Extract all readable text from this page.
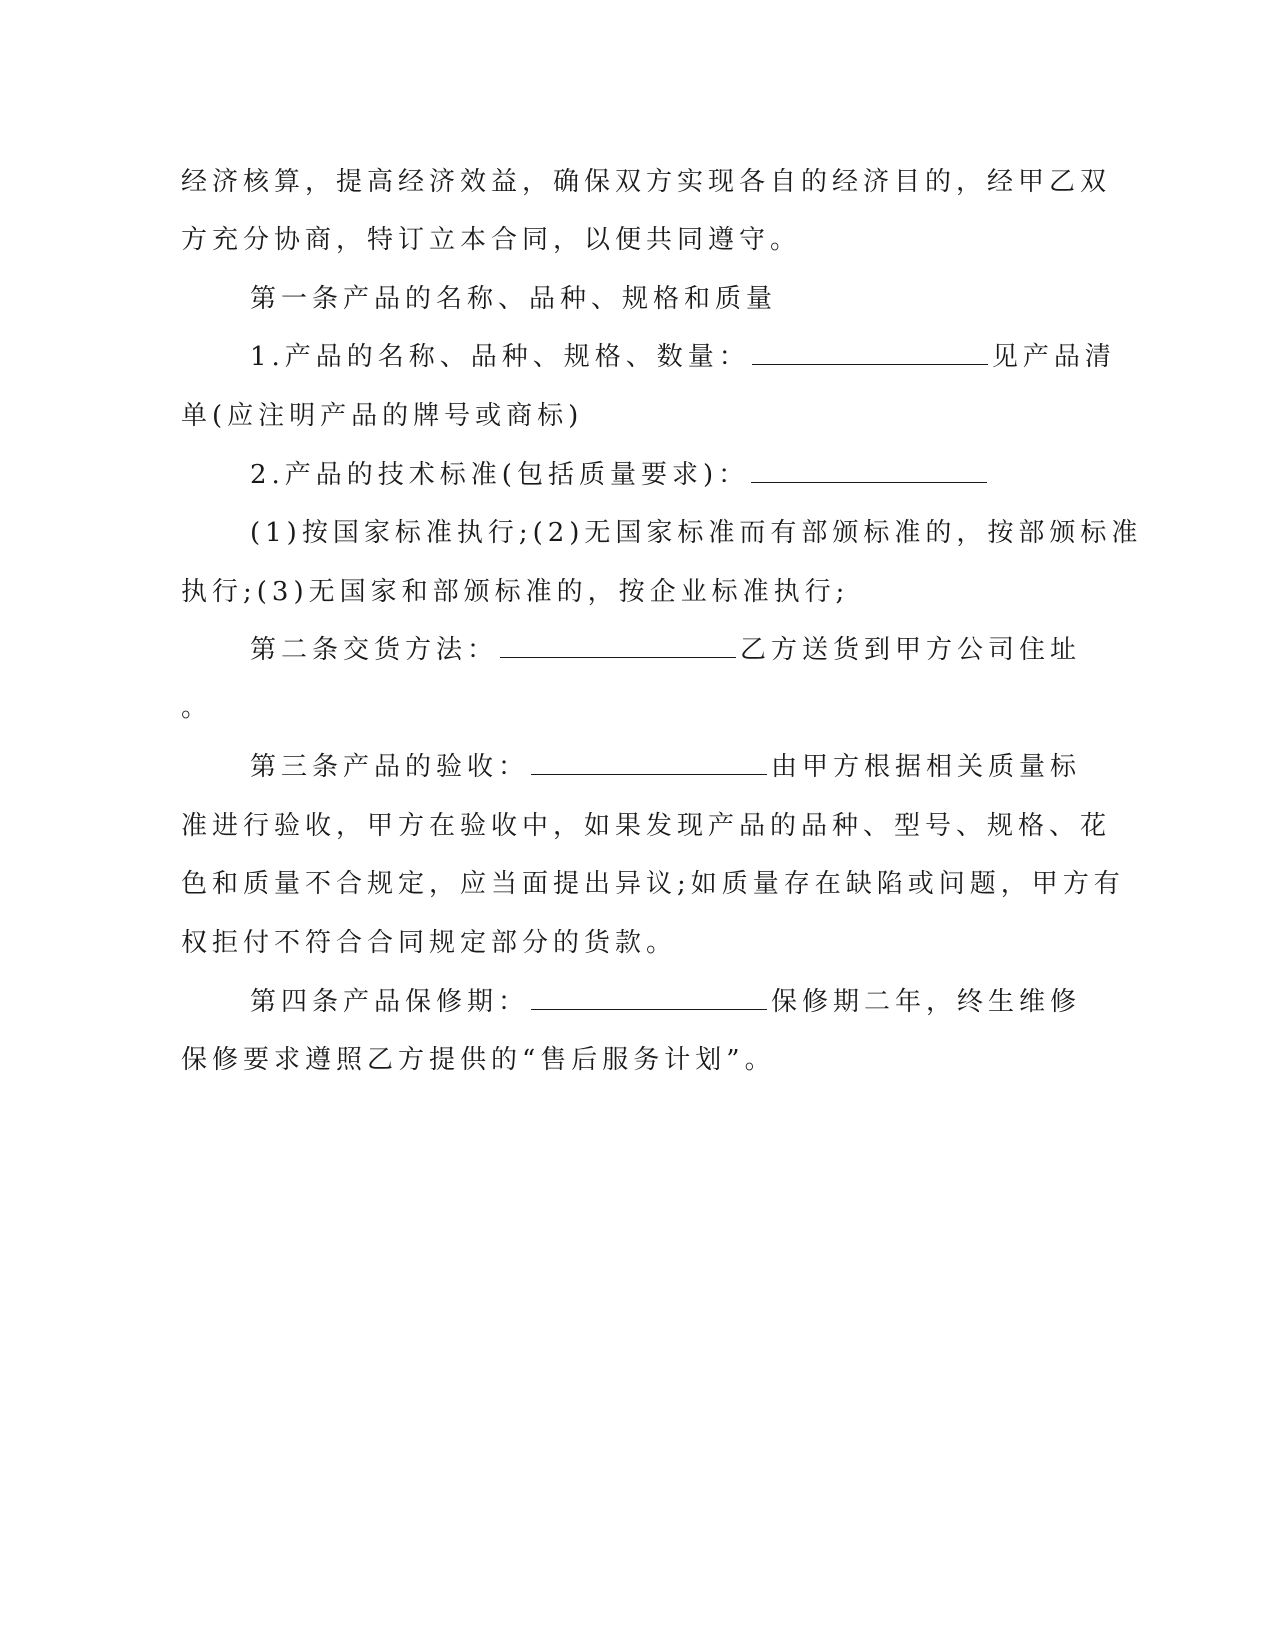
经济核算，提高经济效益，确保双方实现各自的经济目的，经甲乙双
方充分协商，特订立本合同，以便共同遵守。
第一条产品的名称、品种、规格和质量
1.产品的名称、品种、规格、数量：	见产品清
单(应注明产品的牌号或商标)
2.产品的技术标准(包括质量要求)：
(1)按国家标准执行;(2)无国家标准而有部颁标准的，按部颁标准
执行;(3)无国家和部颁标准的，按企业标准执行;
第二条交货方法：	乙方送货到甲方公司住址
。
第三条产品的验收：	由甲方根据相关质量标
准进行验收，甲方在验收中，如果发现产品的品种、型号、规格、花
色和质量不合规定，应当面提出异议;如质量存在缺陷或问题，甲方有
权拒付不符合合同规定部分的货款。
第四条产品保修期：	保修期二年，终生维修
保修要求遵照乙方提供的“售后服务计划”。
